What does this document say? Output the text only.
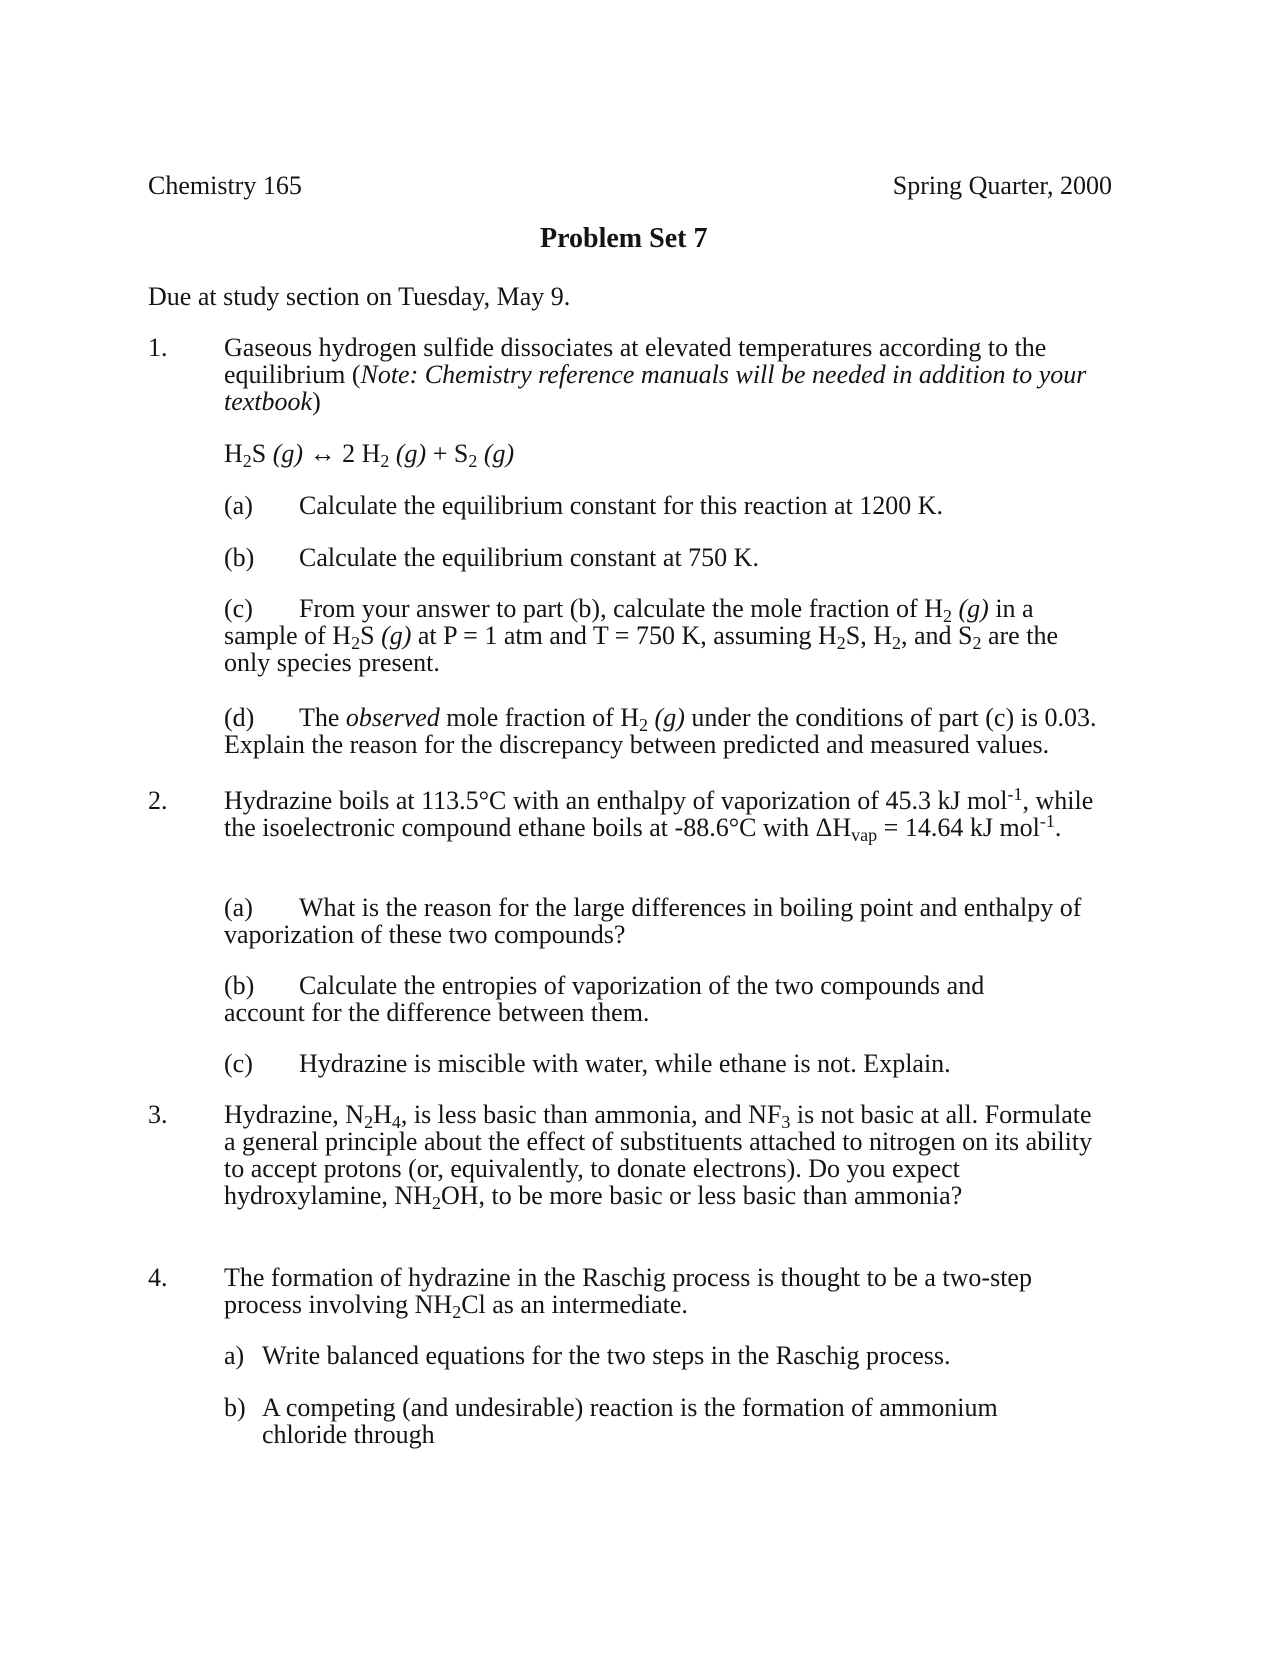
Chemistry 165	Spring Quarter, 2000
Problem Set 7
Due at study section on Tuesday, May 9.
1. Gaseous hydrogen sulfide dissociates at elevated temperatures according to the equilibrium (Note: Chemistry reference manuals will be needed in addition to your textbook)
$H_2S$ (g) ↔ 2 $H_2$ $(g) + S_2$ (g)
(a) Calculate the equilibrium constant for this reaction at 1200 K.
(b) Calculate the equilibrium constant at 750 K.
(c) From your answer to part (b), calculate the mole fraction of $H_2$ (g) in a sample of $H_2S$ (g) at P = 1 atm and T = 750 K, assuming $H_2S$, $H_2$, and $S_2$ are the only species present.
(d) The observed mole fraction of $H_2$ (g) under the conditions of part (c) is 0.03. Explain the reason for the discrepancy between predicted and measured values.
2. Hydrazine boils at 113.5°C with an enthalpy of vaporization of 45.3 kJ mol$^{-1}$, while the isoelectronic compound ethane boils at -88.6°C with $\Delta H_{vap} = 14.64$ kJ mol$^{-1}$.
(a) What is the reason for the large differences in boiling point and enthalpy of vaporization of these two compounds?
(b) Calculate the entropies of vaporization of the two compounds and account for the difference between them.
(c) Hydrazine is miscible with water, while ethane is not. Explain.
3. Hydrazine, $N_2H_4$, is less basic than ammonia, and $NF_3$ is not basic at all. Formulate a general principle about the effect of substituents attached to nitrogen on its ability to accept protons (or, equivalently, to donate electrons). Do you expect hydroxylamine, $NH_2OH$, to be more basic or less basic than ammonia?
4. The formation of hydrazine in the Raschig process is thought to be a two-step process involving $NH_2Cl$ as an intermediate.
a) Write balanced equations for the two steps in the Raschig process.
b) A competing (and undesirable) reaction is the formation of ammonium chloride through
